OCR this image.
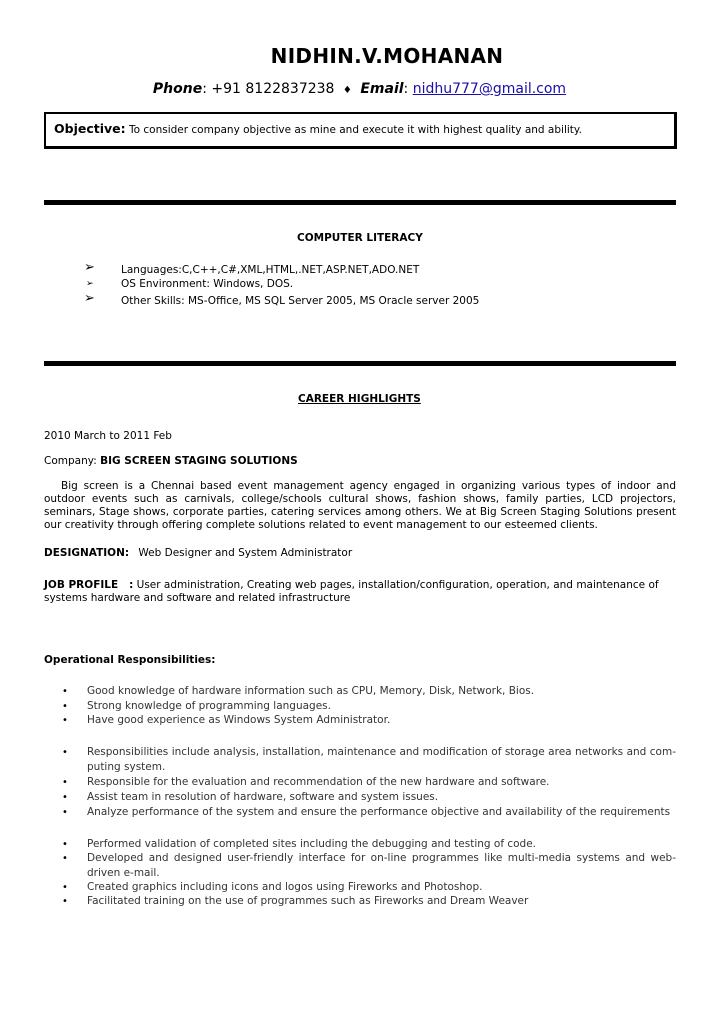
NIDHIN.V.MOHANAN
Phone: +91 8122837238 ♦ Email: nidhu777@gmail.com
Objective: To consider company objective as mine and execute it with highest quality and ability.
COMPUTER LITERACY
➢ Languages:C,C++,C#,XML,HTML,.NET,ASP.NET,ADO.NET
➢	OS Environment: Windows, DOS.
➢ Other Skills: MS-Office, MS SQL Server 2005, MS Oracle server 2005
CAREER HIGHLIGHTS
2010 March to 2011 Feb
Company: BIG SCREEN STAGING SOLUTIONS
Big screen is a Chennai based event management agency engaged in organizing various types of indoor and outdoor events such as carnivals, college/schools cultural shows, fashion shows, family parties, LCD projectors, seminars, Stage shows, corporate parties, catering services among others. We at Big Screen Staging Solutions present our creativity through offering complete solutions related to event management to our esteemed clients.
DESIGNATION: Web Designer and System Administrator
JOB PROFILE   : User administration, Creating web pages, installation/configuration, operation, and maintenance of systems hardware and software and related infrastructure
Operational Responsibilities:
• Good knowledge of hardware information such as CPU, Memory, Disk, Network, Bios.
• Strong knowledge of programming languages.
• Have good experience as Windows System Administrator.
• Responsibilities include analysis, installation, maintenance and modification of storage area networks and com-puting system.
• Responsible for the evaluation and recommendation of the new hardware and software.
• Assist team in resolution of hardware, software and system issues.
• Analyze performance of the system and ensure the performance objective and availability of the requirements
• Performed validation of completed sites including the debugging and testing of code.
• Developed and designed user-friendly interface for on-line programmes like multi-media systems and web-driven e-mail.
• Created graphics including icons and logos using Fireworks and Photoshop.
• Facilitated training on the use of programmes such as Fireworks and Dream Weaver
